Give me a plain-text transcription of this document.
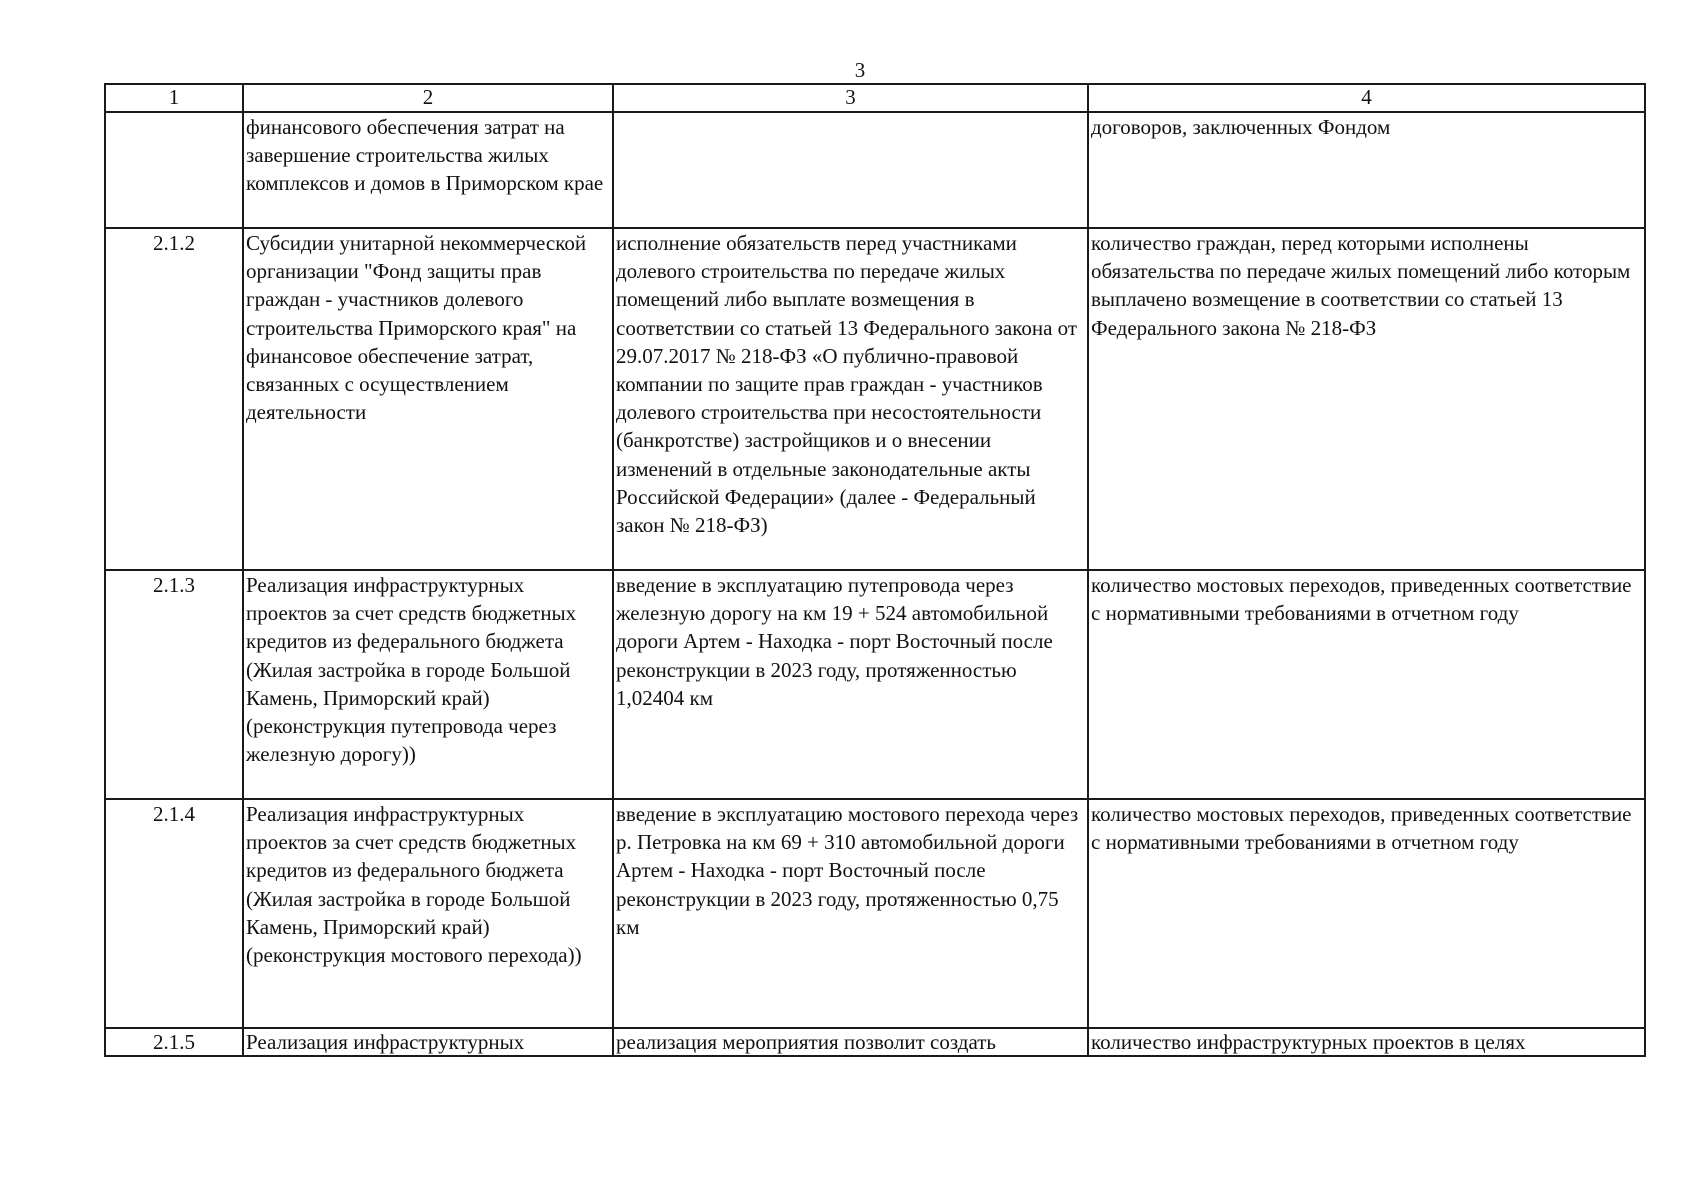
3
1	2	3	4
	финансового обеспечения затрат на завершение строительства жилых комплексов и домов в Приморском крае		договоров, заключенных Фондом
2.1.2	Субсидии унитарной некоммерческой организации "Фонд защиты прав граждан - участников долевого строительства Приморского края" на финансовое обеспечение затрат, связанных с осуществлением деятельности	исполнение обязательств перед участниками долевого строительства по передаче жилых помещений либо выплате возмещения в соответствии со статьей 13 Федерального закона от 29.07.2017 № 218-ФЗ «О публично-правовой компании по защите прав граждан - участников долевого строительства при несостоятельности (банкротстве) застройщиков и о внесении изменений в отдельные законодательные акты Российской Федерации» (далее - Федеральный закон № 218-ФЗ)	количество граждан, перед которыми исполнены обязательства по передаче жилых помещений либо которым выплачено возмещение в соответствии со статьей 13 Федерального закона № 218-ФЗ
2.1.3	Реализация инфраструктурных проектов за счет средств бюджетных кредитов из федерального бюджета (Жилая застройка в городе Большой Камень, Приморский край) (реконструкция путепровода через железную дорогу))	введение в эксплуатацию путепровода через железную дорогу на км 19 + 524 автомобильной дороги Артем - Находка - порт Восточный после реконструкции в 2023 году, протяженностью 1,02404 км	количество мостовых переходов, приведенных соответствие с нормативными требованиями в отчетном году
2.1.4	Реализация инфраструктурных проектов за счет средств бюджетных кредитов из федерального бюджета (Жилая застройка в городе Большой Камень, Приморский край) (реконструкция мостового перехода))	введение в эксплуатацию мостового перехода через р. Петровка на км 69 + 310 автомобильной дороги Артем - Находка - порт Восточный после реконструкции в 2023 году, протяженностью 0,75 км	количество мостовых переходов, приведенных соответствие с нормативными требованиями в отчетном году
2.1.5	Реализация инфраструктурных	реализация мероприятия позволит создать	количество инфраструктурных проектов в целях
